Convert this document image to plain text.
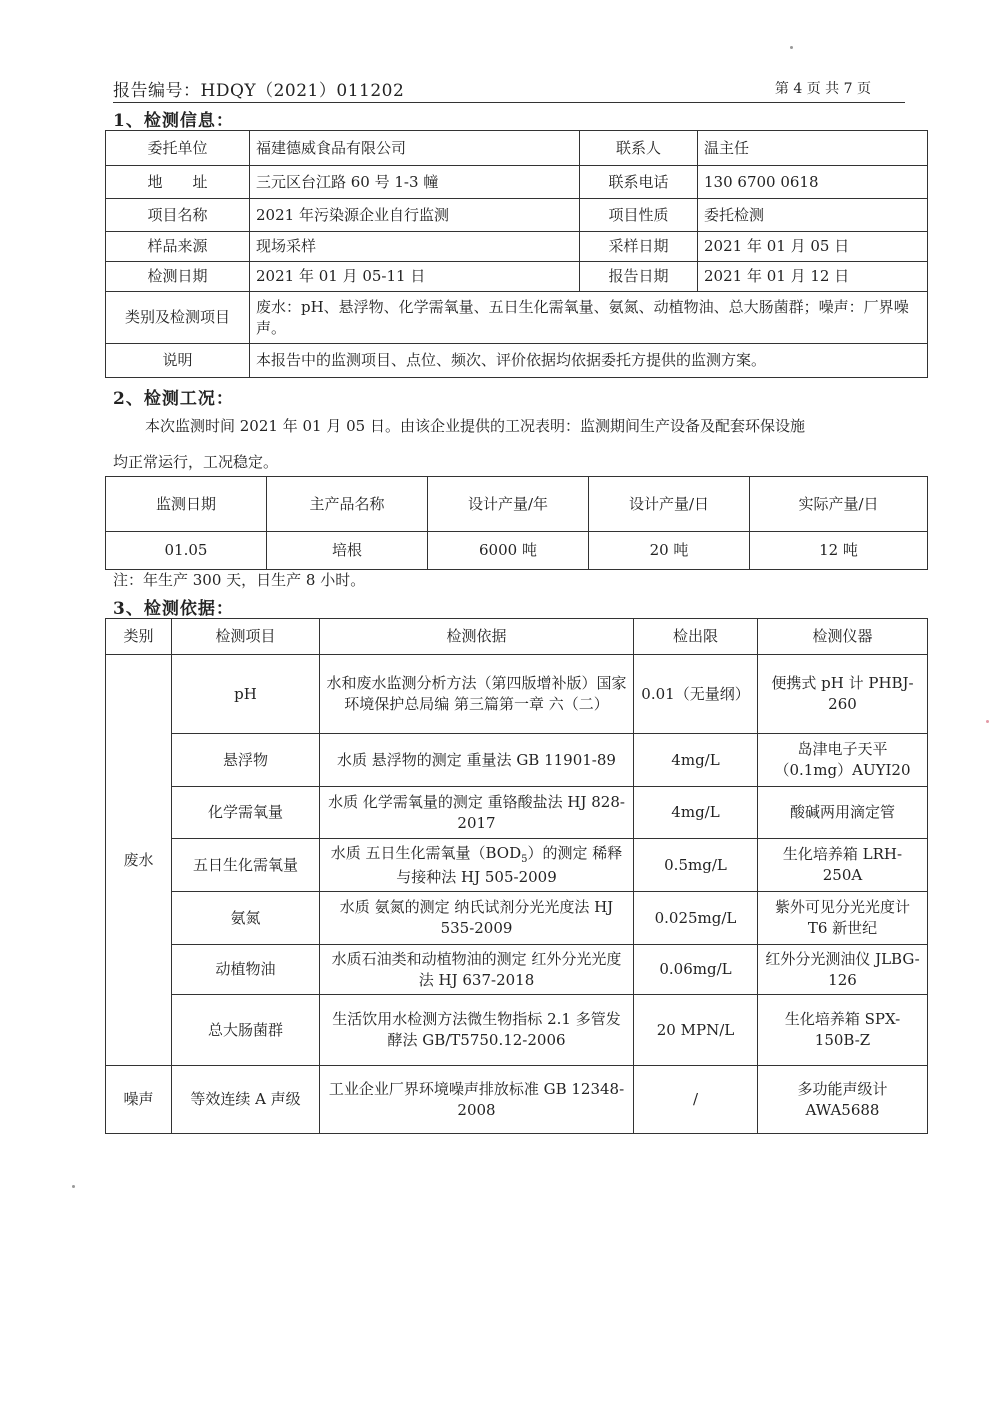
报告编号：HDQY（2021）011202	第 4 页 共 7 页
1、检测信息：
委托单位	福建德威食品有限公司	联系人	温主任
地　　址	三元区台江路 60 号 1-3 幢	联系电话	130 6700 0618
项目名称	2021 年污染源企业自行监测	项目性质	委托检测
样品来源	现场采样	采样日期	2021 年 01 月 05 日
检测日期	2021 年 01 月 05-11 日	报告日期	2021 年 01 月 12 日
类别及检测项目	废水：pH、悬浮物、化学需氧量、五日生化需氧量、氨氮、动植物油、总大肠菌群；噪声：厂界噪声。		
说明	本报告中的监测项目、点位、频次、评价依据均依据委托方提供的监测方案。		
2、检测工况：
本次监测时间 2021 年 01 月 05 日。由该企业提供的工况表明：监测期间生产设备及配套环保设施
均正常运行，工况稳定。
监测日期	主产品名称	设计产量/年	设计产量/日	实际产量/日
01.05	培根	6000 吨	20 吨	12 吨
注：年生产 300 天，日生产 8 小时。
3、检测依据：
类别	检测项目	检测依据	检出限	检测仪器
废水	pH	水和废水监测分析方法（第四版增补版）国家环境保护总局编 第三篇第一章 六（二）	0.01（无量纲）	便携式 pH 计 PHBJ-260
	悬浮物	水质 悬浮物的测定 重量法 GB 11901-89	4mg/L	岛津电子天平（0.1mg）AUYI20
	化学需氧量	水质 化学需氧量的测定 重铬酸盐法 HJ 828-2017	4mg/L	酸碱两用滴定管
	五日生化需氧量	水质 五日生化需氧量$(BOD_5)$的测定 稀释与接种法 HJ 505-2009	0.5mg/L	生化培养箱 LRH-250A
	氨氮	水质 氨氮的测定 纳氏试剂分光光度法 HJ 535-2009	0.025mg/L	紫外可见分光光度计 T6 新世纪
	动植物油	水质石油类和动植物油的测定 红外分光光度法 HJ 637-2018	0.06mg/L	红外分光测油仪 JLBG-126
	总大肠菌群	生活饮用水检测方法微生物指标 2.1 多管发酵法 GB/T5750.12-2006	20 MPN/L	生化培养箱 SPX-150B-Z
噪声	等效连续 A 声级	工业企业厂界环境噪声排放标准 GB 12348-2008	/	多功能声级计 AWA5688
